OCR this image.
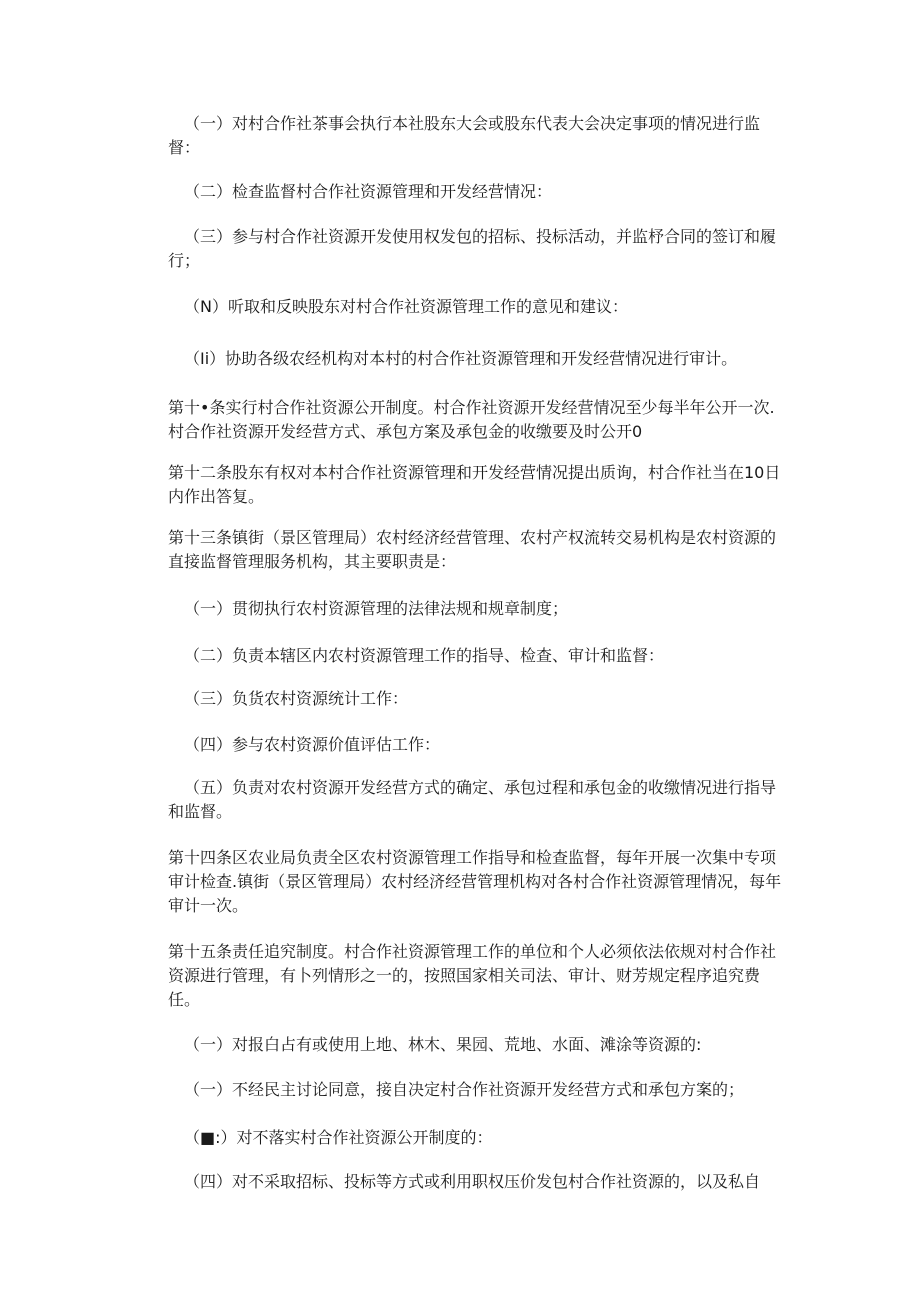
（一）对村合作社茶事会执行本社股东大会或股东代表大会决定事项的情况进行监督：

（二）检查监督村合作社资源管理和开发经营情况：

（三）参与村合作社资源开发使用权发包的招标、投标活动，并监杼合同的签订和履行；

（N）听取和反映股东对村合作社资源管理工作的意见和建议：

（Ii）协助各级农经机构对本村的村合作社资源管理和开发经营情况进行审计。

第十•条实行村合作社资源公开制度。村合作社资源开发经营情况至少每半年公开一次.村合作社资源开发经营方式、承包方案及承包金的收缴要及时公开0

第十二条股东有权对本村合作社资源管理和开发经营情况提出质询，村合作社当在10日内作出答复。

第十三条镇街（景区管理局）农村经济经营管理、农村产权流转交易机构是农村资源的直接监督管理服务机构，其主要职责是：

（一）贯彻执行农村资源管理的法律法规和规章制度；

（二）负责本辖区内农村资源管理工作的指导、检查、审计和监督：

（三）负货农村资源统计工作：

（四）参与农村资源价值评估工作：

（五）负责对农村资源开发经营方式的确定、承包过程和承包金的收缴情况进行指导和监督。

第十四条区农业局负责全区农村资源管理工作指导和检查监督，每年开展一次集中专项审计检查.镇街（景区管理局）农村经济经营管理机构对各村合作社资源管理情况，每年审计一次。

第十五条责任追究制度。村合作社资源管理工作的单位和个人必须依法依规对村合作社资源进行管理，有卜列情形之一的，按照国家相关司法、审计、财芳规定程序追究费任。

（一）对报白占有或使用上地、林木、果园、荒地、水面、滩涂等资源的:

（一）不经民主讨论同意，接自决定村合作社资源开发经营方式和承包方案的；

（■:）对不落实村合作社资源公开制度的：

（四）对不采取招标、投标等方式或利用职权压价发包村合作社资源的，以及私自
